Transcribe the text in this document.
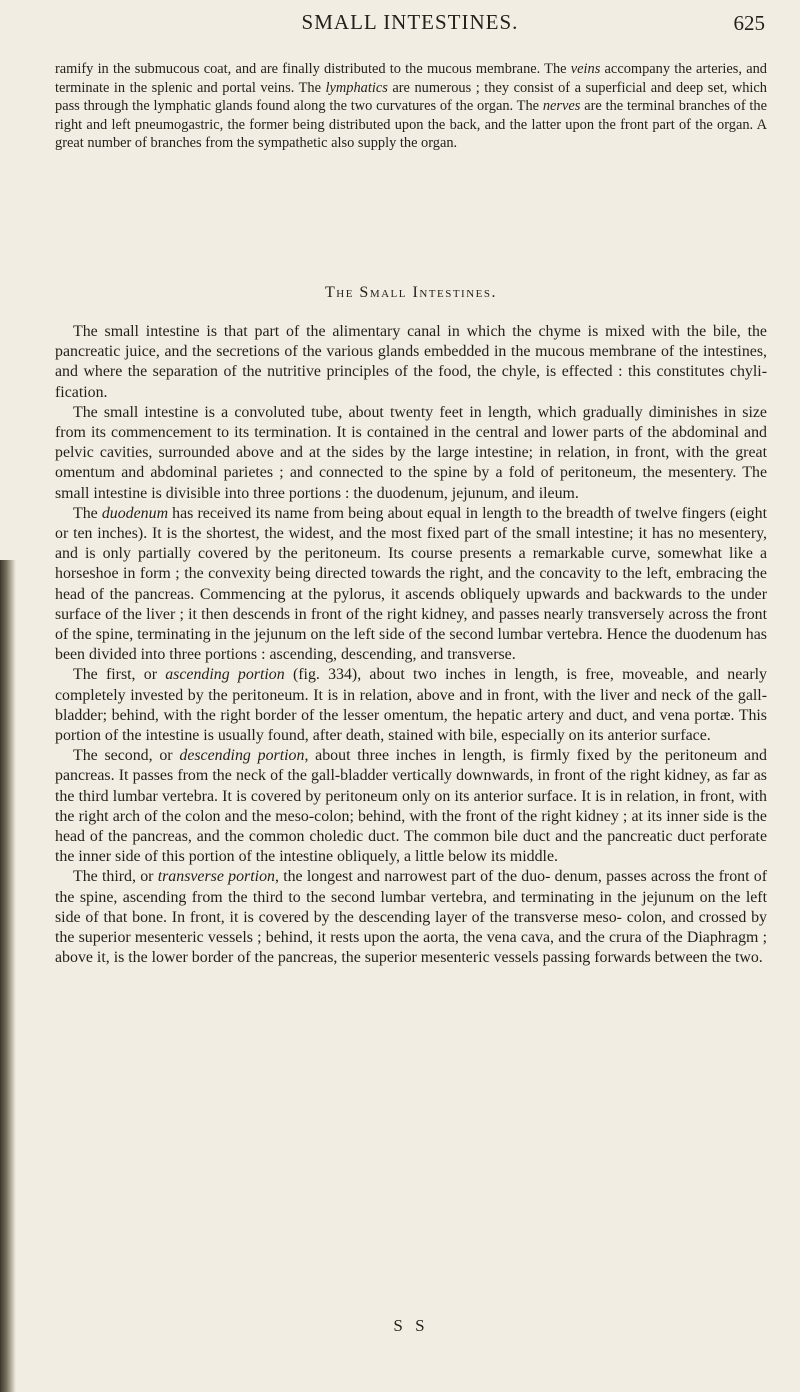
SMALL INTESTINES.	625

ramify in the submucous coat, and are finally distributed to the mucous membrane. The veins accompany the arteries, and terminate in the splenic and portal veins. The lymphatics are numerous ; they consist of a superficial and deep set, which pass through the lymphatic glands found along the two curvatures of the organ. The nerves are the terminal branches of the right and left pneumogastric, the former being distributed upon the back, and the latter upon the front part of the organ. A great number of branches from the sympathetic also supply the organ.

The Small Intestines.

The small intestine is that part of the alimentary canal in which the chyme is mixed with the bile, the pancreatic juice, and the secretions of the various glands embedded in the mucous membrane of the intestines, and where the separation of the nutritive principles of the food, the chyle, is effected : this constitutes chyli- fication.

The small intestine is a convoluted tube, about twenty feet in length, which gradually diminishes in size from its commencement to its termination. It is contained in the central and lower parts of the abdominal and pelvic cavities, surrounded above and at the sides by the large intestine; in relation, in front, with the great omentum and abdominal parietes ; and connected to the spine by a fold of peritoneum, the mesentery. The small intestine is divisible into three portions : the duodenum, jejunum, and ileum.

The duodenum has received its name from being about equal in length to the breadth of twelve fingers (eight or ten inches). It is the shortest, the widest, and the most fixed part of the small intestine; it has no mesentery, and is only partially covered by the peritoneum. Its course presents a remarkable curve, somewhat like a horseshoe in form ; the convexity being directed towards the right, and the concavity to the left, embracing the head of the pancreas. Commencing at the pylorus, it ascends obliquely upwards and backwards to the under surface of the liver ; it then descends in front of the right kidney, and passes nearly transversely across the front of the spine, terminating in the jejunum on the left side of the second lumbar vertebra. Hence the duodenum has been divided into three portions : ascending, descending, and transverse.

The first, or ascending portion (fig. 334), about two inches in length, is free, moveable, and nearly completely invested by the peritoneum. It is in relation, above and in front, with the liver and neck of the gall-bladder; behind, with the right border of the lesser omentum, the hepatic artery and duct, and vena portæ. This portion of the intestine is usually found, after death, stained with bile, especially on its anterior surface.

The second, or descending portion, about three inches in length, is firmly fixed by the peritoneum and pancreas. It passes from the neck of the gall-bladder vertically downwards, in front of the right kidney, as far as the third lumbar vertebra. It is covered by peritoneum only on its anterior surface. It is in relation, in front, with the right arch of the colon and the meso-colon; behind, with the front of the right kidney ; at its inner side is the head of the pancreas, and the common choledic duct. The common bile duct and the pancreatic duct perforate the inner side of this portion of the intestine obliquely, a little below its middle.

The third, or transverse portion, the longest and narrowest part of the duo- denum, passes across the front of the spine, ascending from the third to the second lumbar vertebra, and terminating in the jejunum on the left side of that bone. In front, it is covered by the descending layer of the transverse meso- colon, and crossed by the superior mesenteric vessels ; behind, it rests upon the aorta, the vena cava, and the crura of the Diaphragm ; above it, is the lower border of the pancreas, the superior mesenteric vessels passing forwards between the two.

S S
